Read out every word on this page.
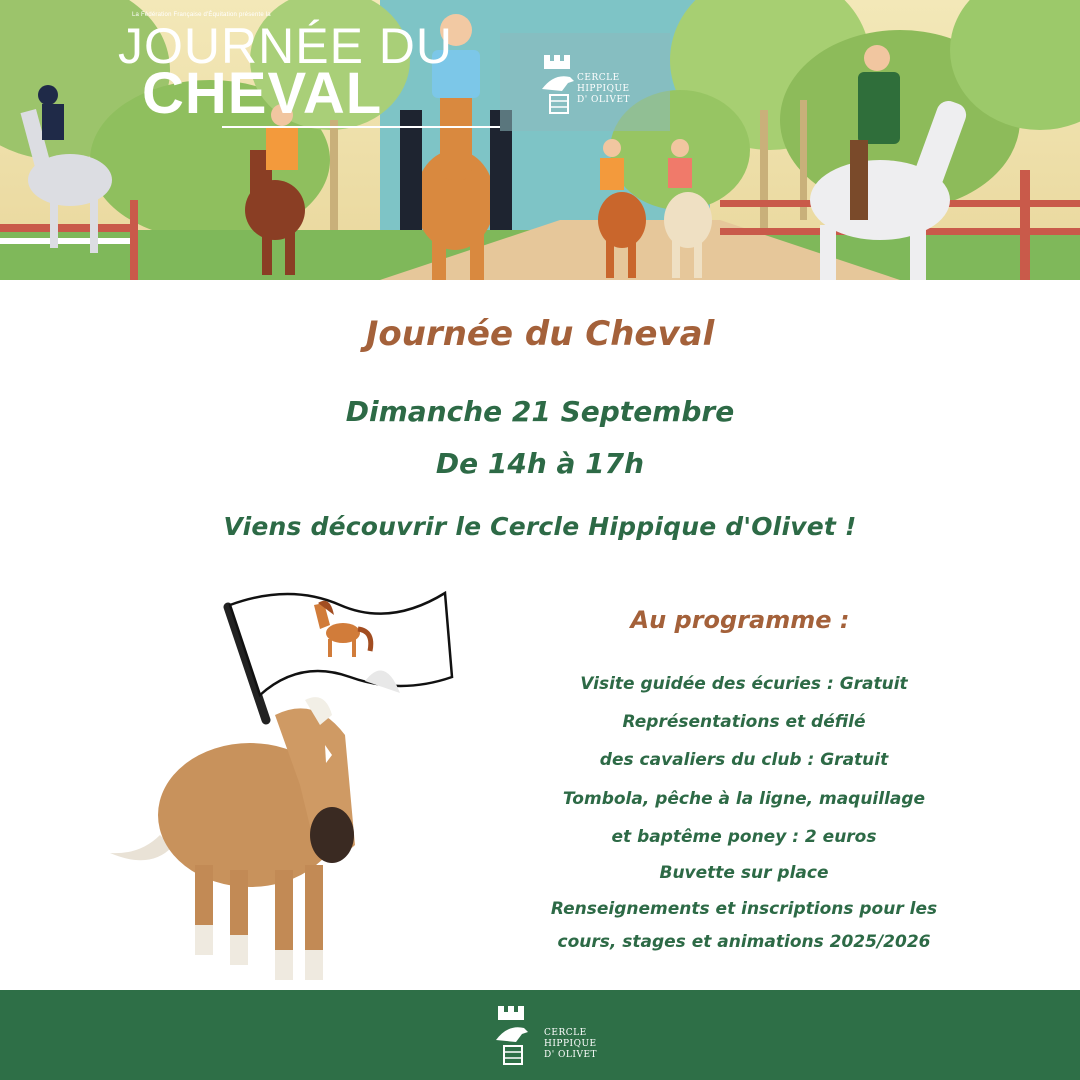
La Fédération Française d'Équitation présente la
JOURNÉE DU
CHEVAL	CERCLE
HIPPIQUE
D' OLIVET
Journée du Cheval
Dimanche 21 Septembre
De 14h à 17h
Viens découvrir le Cercle Hippique d'Olivet !
Au programme :
Visite guidée des écuries : Gratuit
Représentations et défilé
des cavaliers du club : Gratuit
Tombola, pêche à la ligne, maquillage
et baptême poney : 2 euros
Buvette sur place
Renseignements et inscriptions pour les
cours, stages et animations 2025/2026
CERCLE
HIPPIQUE
D' OLIVET
